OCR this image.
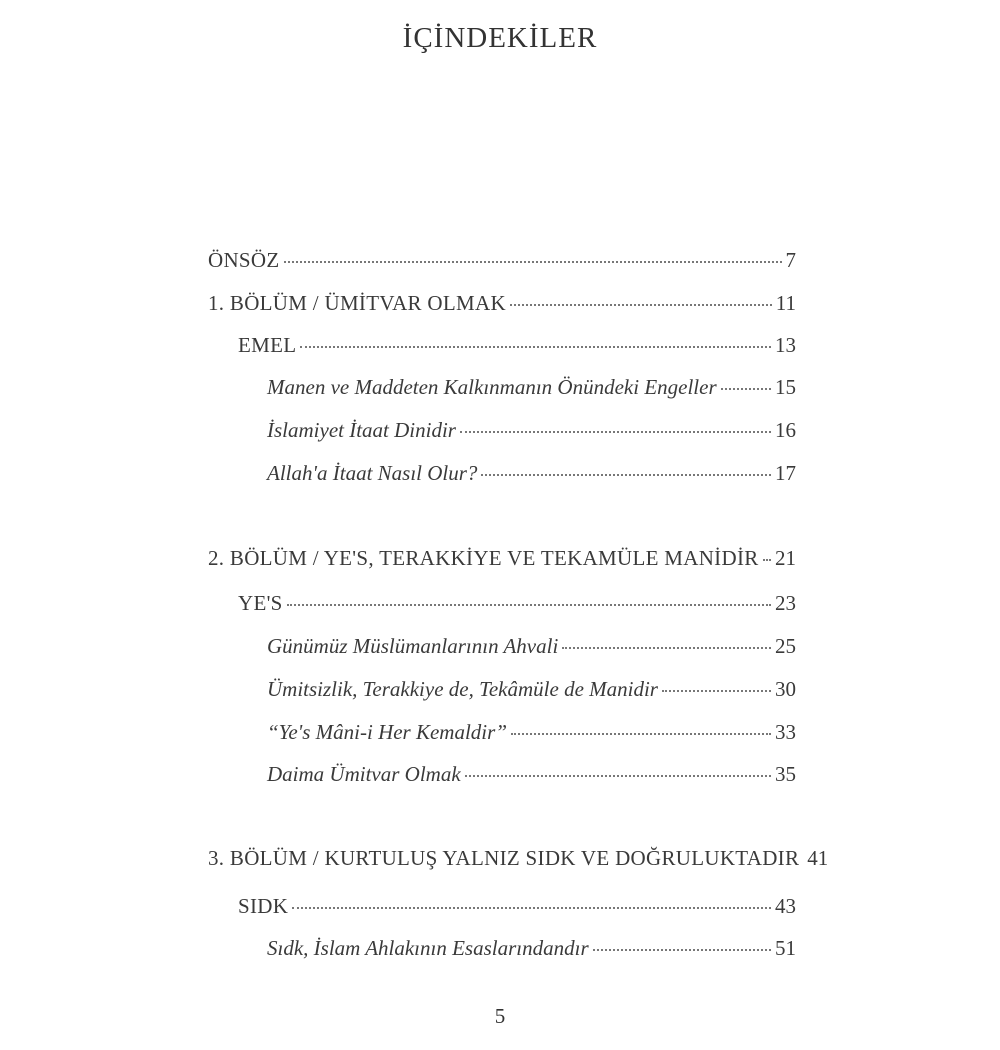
İÇİNDEKİLER
ÖNSÖZ	7
1. BÖLÜM / ÜMİTVAR OLMAK	11
EMEL	13
Manen ve Maddeten Kalkınmanın Önündeki Engeller	15
İslamiyet İtaat Dinidir	16
Allah'a İtaat Nasıl Olur?	17
2. BÖLÜM / YE'S, TERAKKİYE VE TEKAMÜLE MANİDİR 21
YE'S	23
Günümüz Müslümanlarının Ahvali	25
Ümitsizlik, Terakkiye de, Tekâmüle de Manidir	30
“Ye's Mâni-i Her Kemaldir”	33
Daima Ümitvar Olmak	35
3. BÖLÜM / KURTULUŞ YALNIZ SIDK VE DOĞRULUKTADIR 41
SIDK	43
Sıdk, İslam Ahlakının Esaslarındandır	51
5
